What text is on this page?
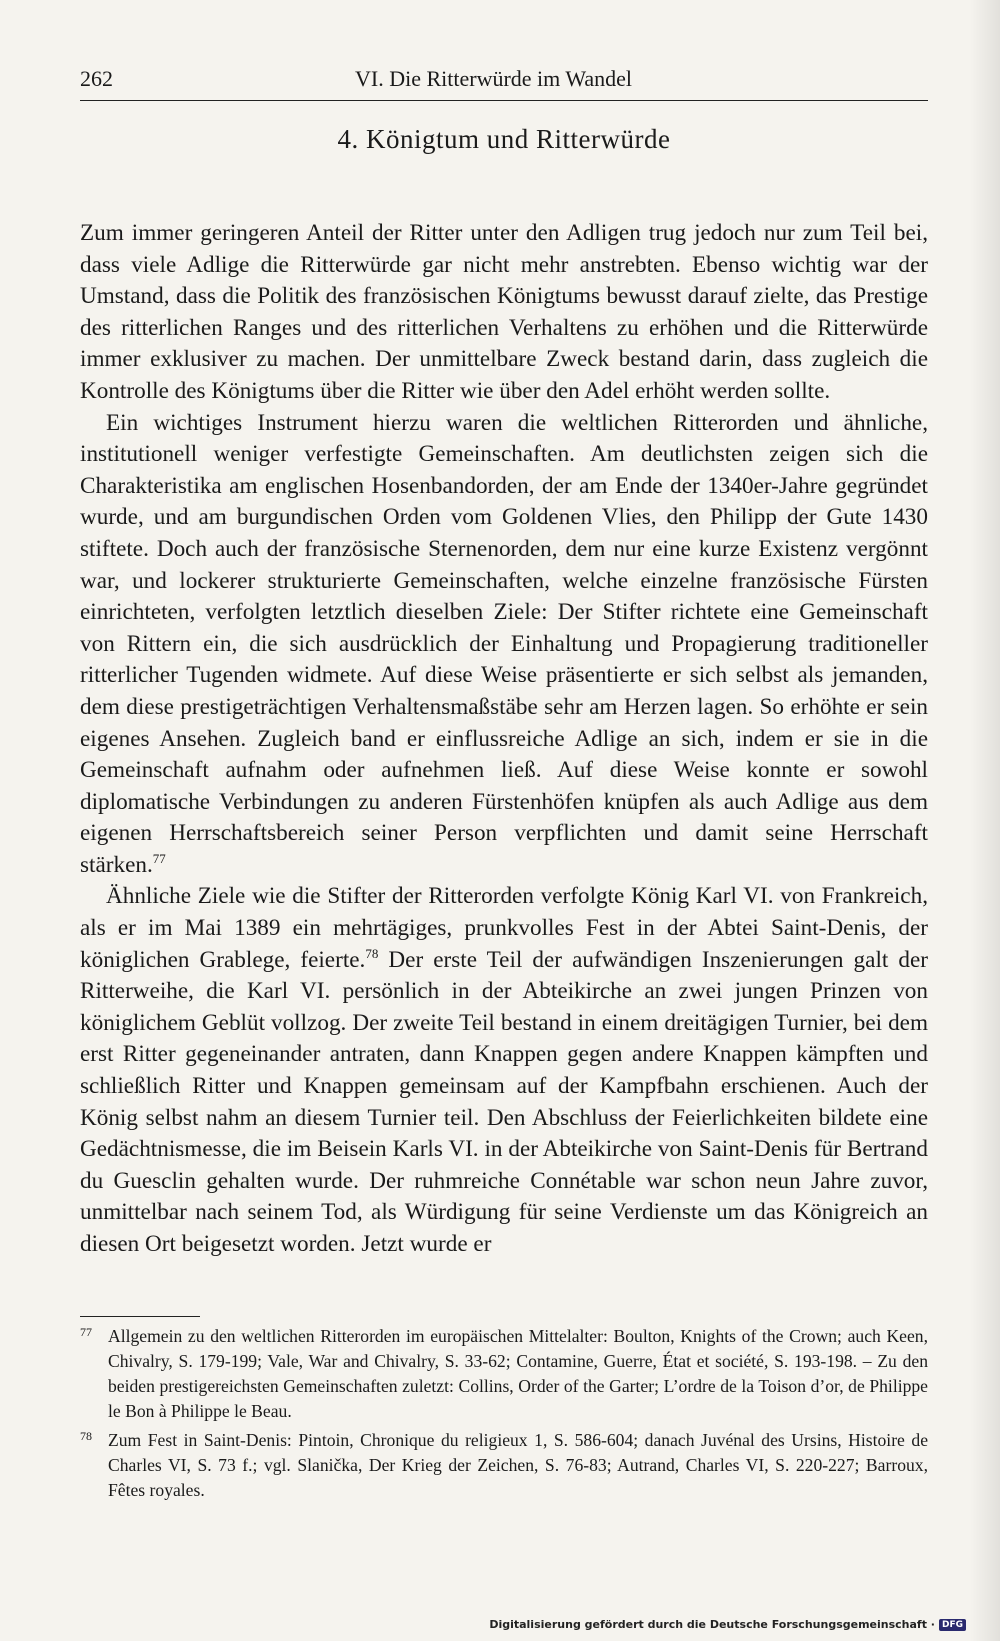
262	VI. Die Ritterwürde im Wandel
4. Königtum und Ritterwürde

Zum immer geringeren Anteil der Ritter unter den Adligen trug jedoch nur zum Teil bei, dass viele Adlige die Ritterwürde gar nicht mehr anstrebten. Ebenso wichtig war der Umstand, dass die Politik des französischen Königtums bewusst darauf zielte, das Prestige des ritterlichen Ranges und des ritterlichen Verhaltens zu erhöhen und die Ritterwürde immer exklusiver zu machen. Der unmittelbare Zweck bestand darin, dass zugleich die Kontrolle des Königtums über die Ritter wie über den Adel erhöht werden sollte.

Ein wichtiges Instrument hierzu waren die weltlichen Ritterorden und ähnliche, institutionell weniger verfestigte Gemeinschaften. Am deutlichsten zeigen sich die Charakteristika am englischen Hosenbandorden, der am Ende der 1340er-Jahre gegründet wurde, und am burgundischen Orden vom Goldenen Vlies, den Philipp der Gute 1430 stiftete. Doch auch der französische Sternenorden, dem nur eine kurze Existenz vergönnt war, und lockerer strukturierte Gemeinschaften, welche einzelne französische Fürsten einrichteten, verfolgten letztlich dieselben Ziele: Der Stifter richtete eine Gemeinschaft von Rittern ein, die sich ausdrücklich der Einhaltung und Propagierung traditioneller ritterlicher Tugenden widmete. Auf diese Weise präsentierte er sich selbst als jemanden, dem diese prestigeträchtigen Verhaltensmaßstäbe sehr am Herzen lagen. So erhöhte er sein eigenes Ansehen. Zugleich band er einflussreiche Adlige an sich, indem er sie in die Gemeinschaft aufnahm oder aufnehmen ließ. Auf diese Weise konnte er sowohl diplomatische Verbindungen zu anderen Fürstenhöfen knüpfen als auch Adlige aus dem eigenen Herrschaftsbereich seiner Person verpflichten und damit seine Herrschaft stärken.$^{77}$

Ähnliche Ziele wie die Stifter der Ritterorden verfolgte König Karl VI. von Frankreich, als er im Mai 1389 ein mehrtägiges, prunkvolles Fest in der Abtei Saint-Denis, der königlichen Grablege, feierte.$^{78}$ Der erste Teil der aufwändigen Inszenierungen galt der Ritterweihe, die Karl VI. persönlich in der Abteikirche an zwei jungen Prinzen von königlichem Geblüt vollzog. Der zweite Teil bestand in einem dreitägigen Turnier, bei dem erst Ritter gegeneinander antraten, dann Knappen gegen andere Knappen kämpften und schließlich Ritter und Knappen gemeinsam auf der Kampfbahn erschienen. Auch der König selbst nahm an diesem Turnier teil. Den Abschluss der Feierlichkeiten bildete eine Gedächtnismesse, die im Beisein Karls VI. in der Abteikirche von Saint-Denis für Bertrand du Guesclin gehalten wurde. Der ruhmreiche Connétable war schon neun Jahre zuvor, unmittelbar nach seinem Tod, als Würdigung für seine Verdienste um das Königreich an diesen Ort beigesetzt worden. Jetzt wurde er

77 Allgemein zu den weltlichen Ritterorden im europäischen Mittelalter: Boulton, Knights of the Crown; auch Keen, Chivalry, S. 179-199; Vale, War and Chivalry, S. 33-62; Contamine, Guerre, État et société, S. 193-198. – Zu den beiden prestigereichsten Gemeinschaften zuletzt: Collins, Order of the Garter; L’ordre de la Toison d’or, de Philippe le Bon à Philippe le Beau.
78 Zum Fest in Saint-Denis: Pintoin, Chronique du religieux 1, S. 586-604; danach Juvénal des Ursins, Histoire de Charles VI, S. 73 f.; vgl. Slanička, Der Krieg der Zeichen, S. 76-83; Autrand, Charles VI, S. 220-227; Barroux, Fêtes royales.
Digitalisierung gefördert durch die Deutsche Forschungsgemeinschaft · DFG
